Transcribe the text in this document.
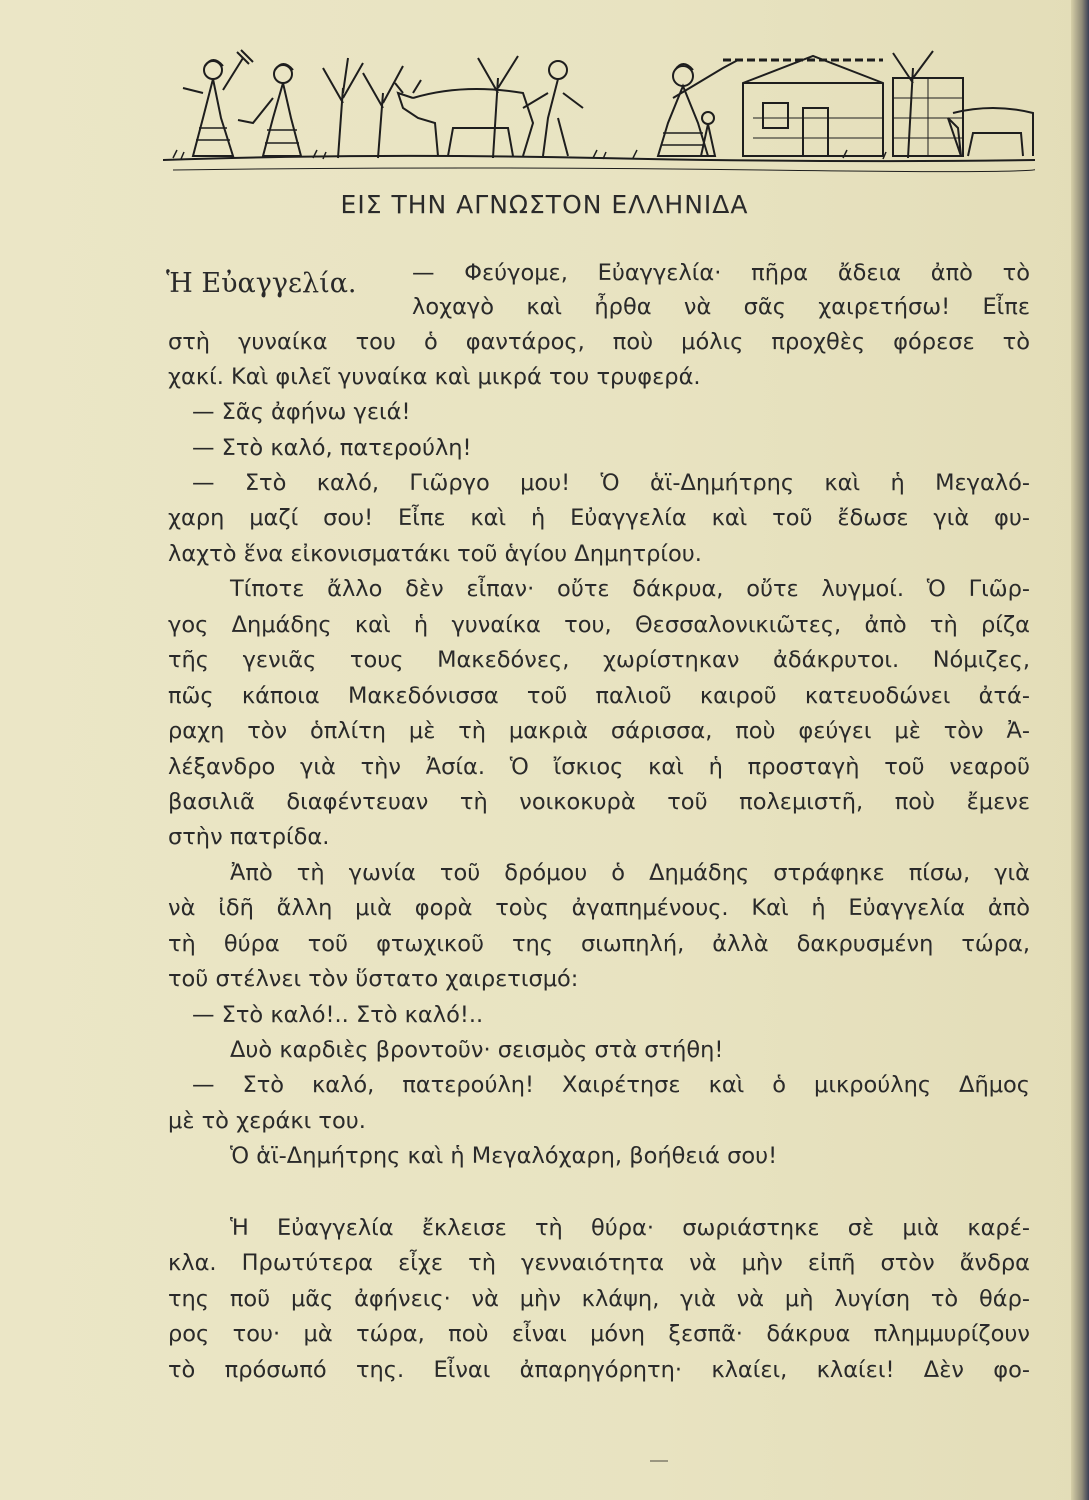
ΕΙΣ ΤΗΝ ΑΓΝΩΣΤΟΝ ΕΛΛΗΝΙΔΑ
Ἡ Εὐαγγελία. — Φεύγομε, Εὐαγγελία· πῆρα ἄδεια ἀπὸ τὸ
λοχαγὸ καὶ ἦρθα νὰ σᾶς χαιρετήσω! Εἶπε
στὴ γυναίκα του ὁ φαντάρος, ποὺ μόλις προχθὲς φόρεσε τὸ
χακί. Καὶ φιλεῖ γυναίκα καὶ μικρά του τρυφερά.
— Σᾶς ἀφήνω γειά!
— Στὸ καλό, πατερούλη!
— Στὸ καλό, Γιῶργο μου! Ὁ ἁϊ-Δημήτρης καὶ ἡ Μεγαλό-
χαρη μαζί σου! Εἶπε καὶ ἡ Εὐαγγελία καὶ τοῦ ἔδωσε γιὰ φυ-
λαχτὸ ἕνα εἰκονισματάκι τοῦ ἁγίου Δημητρίου.
Τίποτε ἄλλο δὲν εἶπαν· οὔτε δάκρυα, οὔτε λυγμοί. Ὁ Γιῶρ-
γος Δημάδης καὶ ἡ γυναίκα του, Θεσσαλονικιῶτες, ἀπὸ τὴ ρίζα
τῆς γενιᾶς τους Μακεδόνες, χωρίστηκαν ἀδάκρυτοι. Νόμιζες,
πῶς κάποια Μακεδόνισσα τοῦ παλιοῦ καιροῦ κατευοδώνει ἀτά-
ραχη τὸν ὁπλίτη μὲ τὴ μακριὰ σάρισσα, ποὺ φεύγει μὲ τὸν Ἀ-
λέξανδρο γιὰ τὴν Ἀσία. Ὁ ἴσκιος καὶ ἡ προσταγὴ τοῦ νεαροῦ
βασιλιᾶ διαφέντευαν τὴ νοικοκυρὰ τοῦ πολεμιστῆ, ποὺ ἔμενε
στὴν πατρίδα.
Ἀπὸ τὴ γωνία τοῦ δρόμου ὁ Δημάδης στράφηκε πίσω, γιὰ
νὰ ἰδῆ ἄλλη μιὰ φορὰ τοὺς ἀγαπημένους. Καὶ ἡ Εὐαγγελία ἀπὸ
τὴ θύρα τοῦ φτωχικοῦ της σιωπηλή, ἀλλὰ δακρυσμένη τώρα,
τοῦ στέλνει τὸν ὕστατο χαιρετισμό:
— Στὸ καλό!.. Στὸ καλό!..
Δυὸ καρδιὲς βροντοῦν· σεισμὸς στὰ στήθη!
— Στὸ καλό, πατερούλη! Χαιρέτησε καὶ ὁ μικρούλης Δῆμος
μὲ τὸ χεράκι του.
Ὁ ἁϊ-Δημήτρης καὶ ἡ Μεγαλόχαρη, βοήθειά σου!
Ἡ Εὐαγγελία ἔκλεισε τὴ θύρα· σωριάστηκε σὲ μιὰ καρέ-
κλα. Πρωτύτερα εἶχε τὴ γενναιότητα νὰ μὴν εἰπῆ στὸν ἄνδρα
της ποῦ μᾶς ἀφήνεις· νὰ μὴν κλάψη, γιὰ νὰ μὴ λυγίση τὸ θάρ-
ρος του· μὰ τώρα, ποὺ εἶναι μόνη ξεσπᾶ· δάκρυα πλημμυρίζουν
τὸ πρόσωπό της. Εἶναι ἀπαρηγόρητη· κλαίει, κλαίει! Δὲν φο-
